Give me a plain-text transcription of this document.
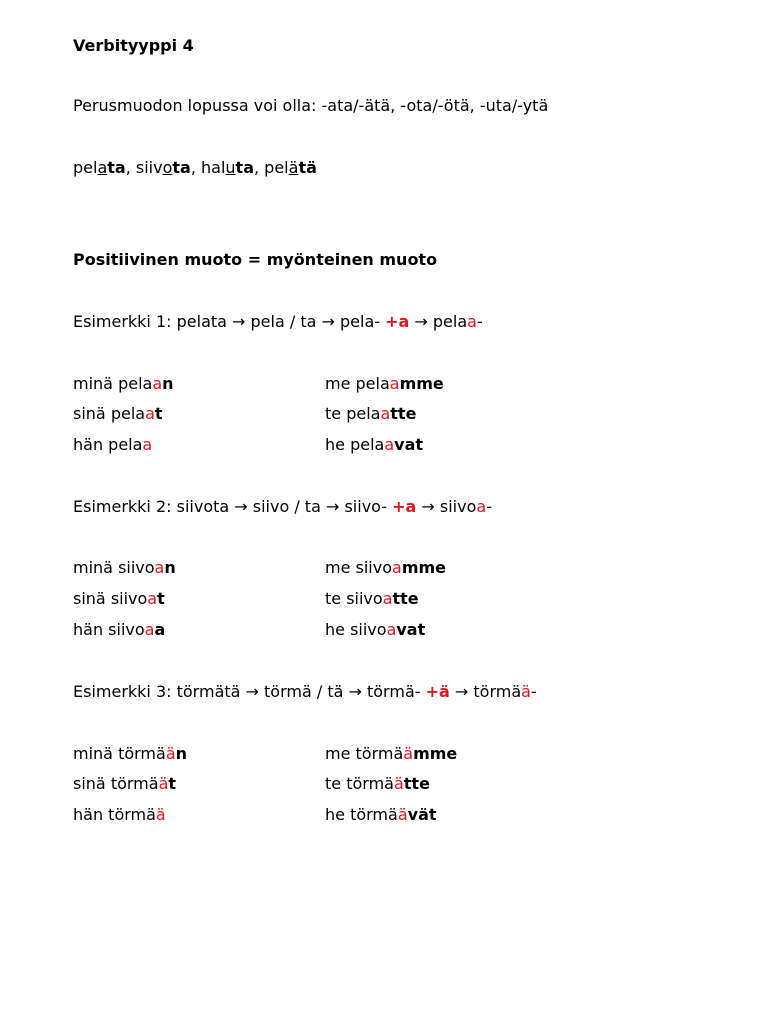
Verbityyppi 4
Perusmuodon lopussa voi olla: -ata/-ätä, -ota/-ötä, -uta/-ytä
pelata, siivota, haluta, pelätä
Positiivinen muoto = myönteinen muoto
Esimerkki 1: pelata → pela / ta → pela- +a → pelaa-
minä pelaan
sinä pelaat
hän pelaa
me pelaamme
te pelaatte
he pelaavat
Esimerkki 2: siivota → siivo / ta → siivo- +a → siivoa-
minä siivoan
sinä siivoat
hän siivoaa
me siivoamme
te siivoatte
he siivoavat
Esimerkki 3: törmätä → törmä / tä → törmä- +ä → törmää-
minä törmään
sinä törmäät
hän törmää
me törmäämme
te törmäätte
he törmäävät
